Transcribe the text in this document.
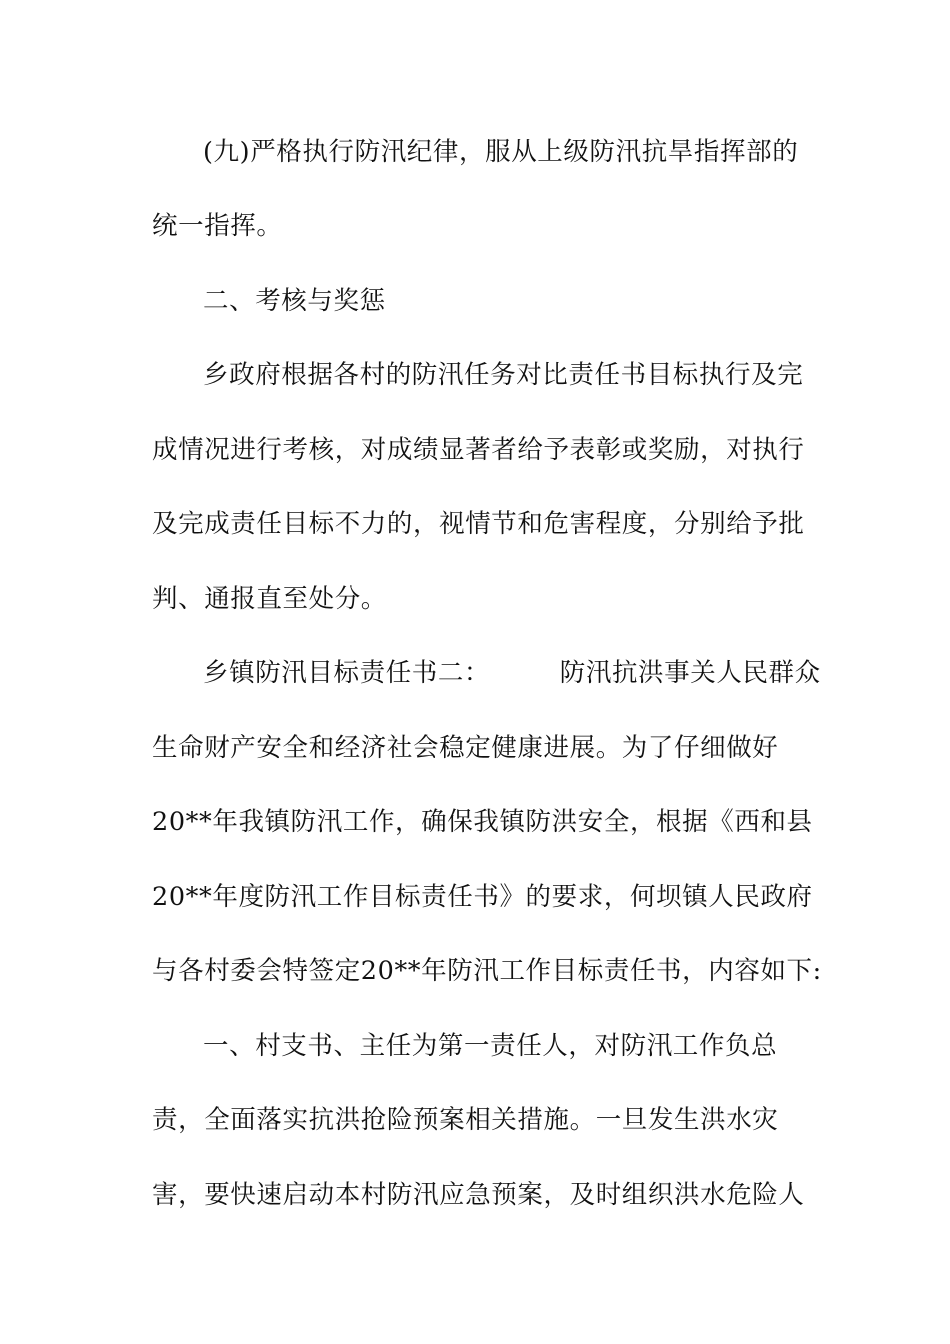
(九)严格执行防汛纪律，服从上级防汛抗旱指挥部的
统一指挥。
二、考核与奖惩
乡政府根据各村的防汛任务对比责任书目标执行及完
成情况进行考核，对成绩显著者给予表彰或奖励，对执行
及完成责任目标不力的，视情节和危害程度，分别给予批
判、通报直至处分。
乡镇防汛目标责任书二：        防汛抗洪事关人民群众
生命财产安全和经济社会稳定健康进展。为了仔细做好
20**年我镇防汛工作，确保我镇防洪安全，根据《西和县
20**年度防汛工作目标责任书》的要求，何坝镇人民政府
与各村委会特签定20**年防汛工作目标责任书，内容如下:
一、村支书、主任为第一责任人，对防汛工作负总
责，全面落实抗洪抢险预案相关措施。一旦发生洪水灾
害，要快速启动本村防汛应急预案，及时组织洪水危险人
